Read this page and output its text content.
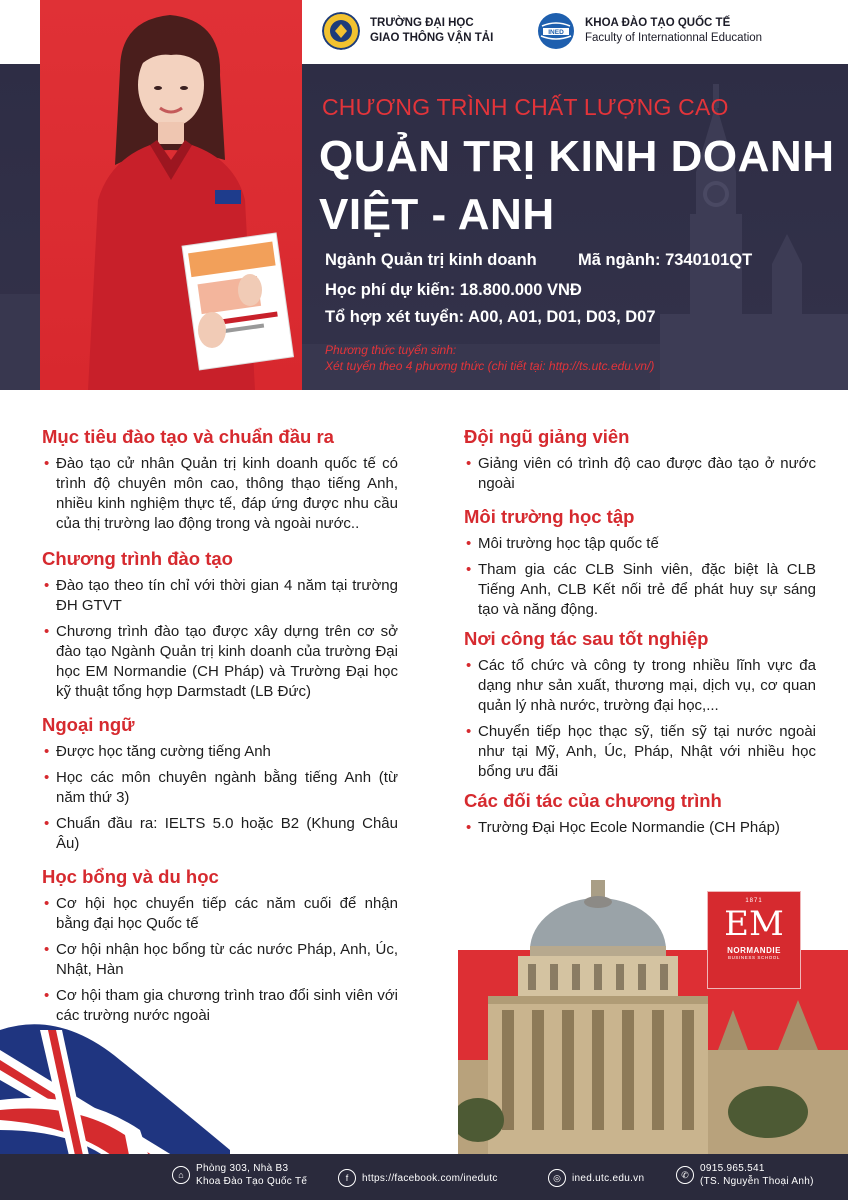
TRƯỜNG ĐẠI HỌC
GIAO THÔNG VẬN TẢI	INED
KHOA ĐÀO TẠO QUỐC TẾ
Faculty of Internationnal Education
CHƯƠNG TRÌNH CHẤT LƯỢNG CAO
QUẢN TRỊ KINH DOANH
VIỆT - ANH
Ngành Quản trị kinh doanh	Mã ngành: 7340101QT
Học phí dự kiến: 18.800.000 VNĐ
Tổ hợp xét tuyển: A00, A01, D01, D03, D07
Phương thức tuyển sinh:
Xét tuyển theo 4 phương thức (chi tiết tại: http://ts.utc.edu.vn/)
Mục tiêu đào tạo và chuẩn đầu ra
• Đào tạo cử nhân Quản trị kinh doanh quốc tế có trình độ chuyên môn cao, thông thạo tiếng Anh, nhiều kinh nghiệm thực tế, đáp ứng được nhu cầu của thị trường lao động trong và ngoài nước..
Chương trình đào tạo
• Đào tạo theo tín chỉ với thời gian 4 năm tại trường ĐH GTVT
• Chương trình đào tạo được xây dựng trên cơ sở đào tạo Ngành Quản trị kinh doanh của trường Đại học EM Normandie (CH Pháp) và Trường Đại học kỹ thuật tổng hợp Darmstadt (LB Đức)
Ngoại ngữ
• Được học tăng cường tiếng Anh
• Học các môn chuyên ngành bằng tiếng Anh (từ năm thứ 3)
• Chuẩn đầu ra: IELTS 5.0 hoặc B2 (Khung Châu Âu)
Học bổng và du học
• Cơ hội học chuyển tiếp các năm cuối để nhận bằng đại học Quốc tế
• Cơ hội nhận học bổng từ các nước Pháp, Anh, Úc, Nhật, Hàn
• Cơ hội tham gia chương trình trao đổi sinh viên với các trường nước ngoài
Đội ngũ giảng viên
• Giảng viên có trình độ cao được đào tạo ở nước ngoài
Môi trường học tập
• Môi trường học tập quốc tế
• Tham gia các CLB Sinh viên, đặc biệt là CLB Tiếng Anh, CLB Kết nối trẻ để phát huy sự sáng tạo và năng động.
Nơi công tác sau tốt nghiệp
• Các tổ chức và công ty trong nhiều lĩnh vực đa dạng như sản xuất, thương mại, dịch vụ, cơ quan quản lý nhà nước, trường đại học,...
• Chuyển tiếp học thạc sỹ, tiến sỹ tại nước ngoài như tại Mỹ, Anh, Úc, Pháp, Nhật với nhiều học bổng ưu đãi
Các đối tác của chương trình
• Trường Đại Học Ecole Normandie (CH Pháp)
1871
EM
NORMANDIE
BUSINESS SCHOOL
⌂
Phòng 303, Nhà B3
Khoa Đào Tạo Quốc Tế	f	https://facebook.com/inedutc	◎	ined.utc.edu.vn	✆
0915.965.541
(TS. Nguyễn Thoại Anh)
